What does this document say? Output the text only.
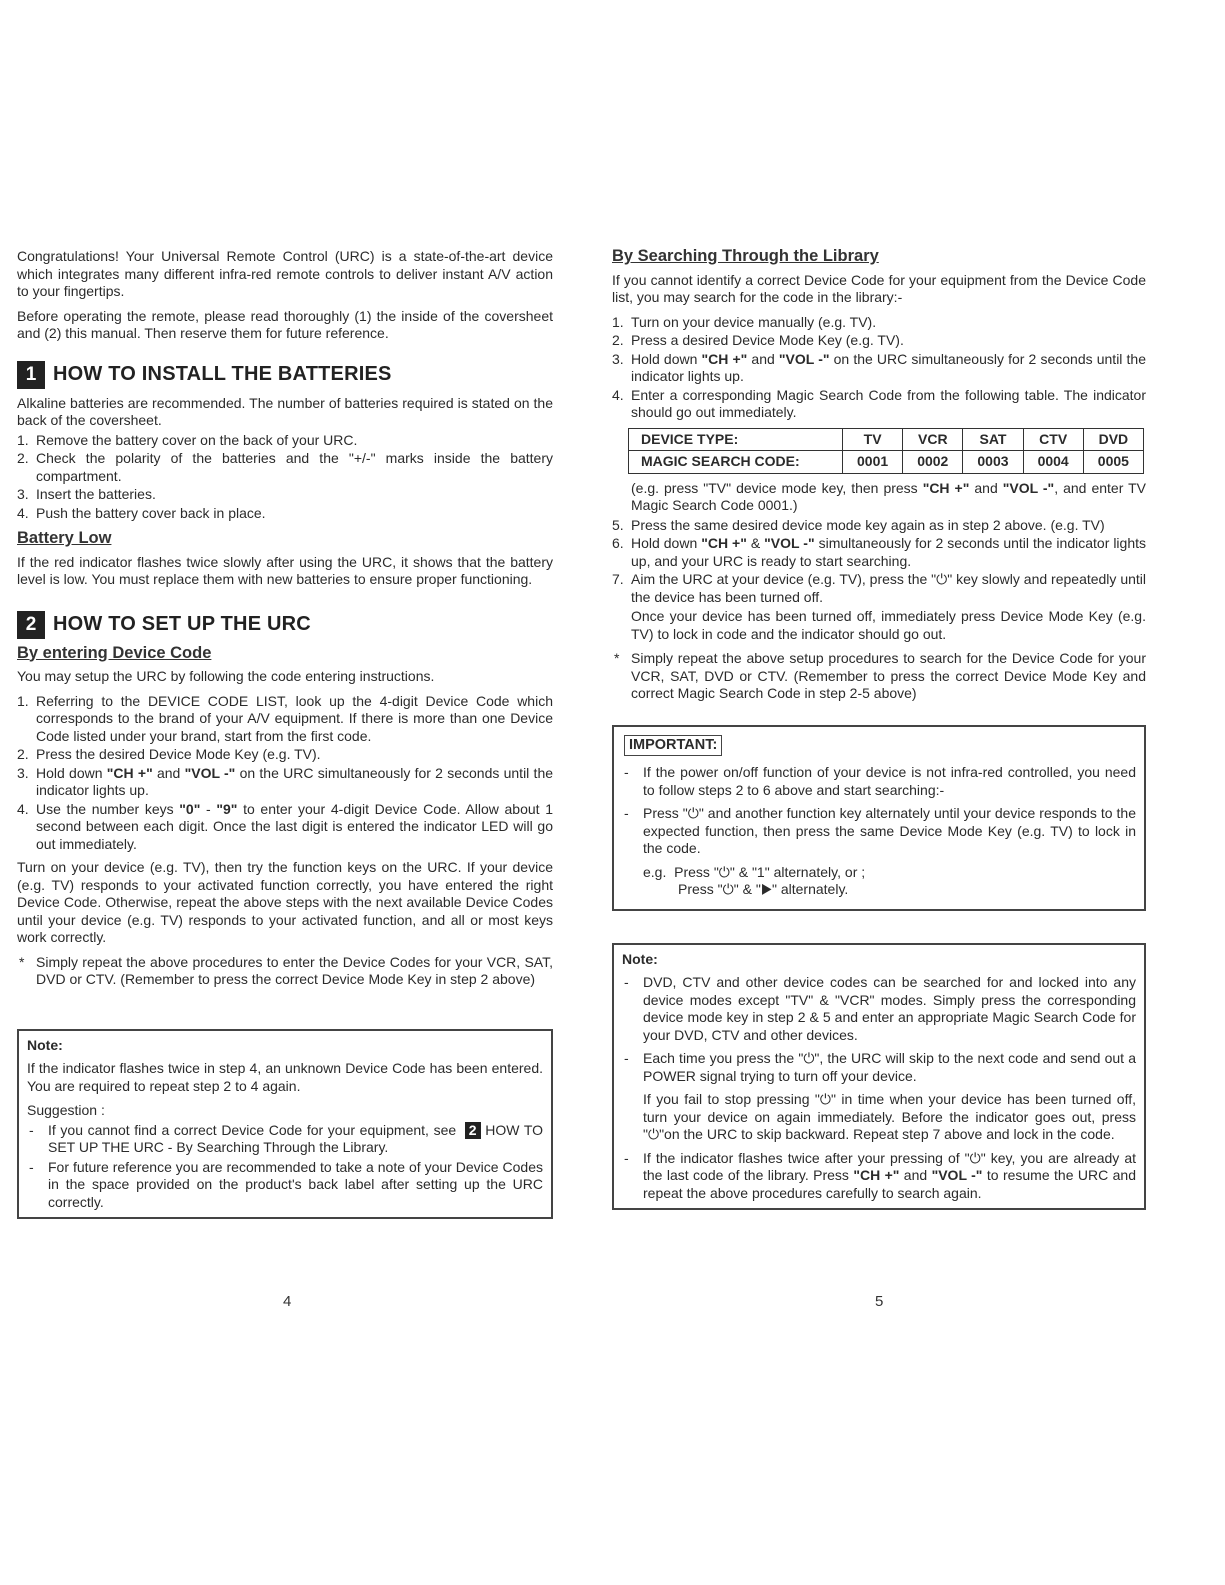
Congratulations! Your Universal Remote Control (URC) is a state-of-the-art device which integrates many different infra-red remote controls to deliver instant A/V action to your fingertips.

Before operating the remote, please read thoroughly (1) the inside of the coversheet and (2) this manual. Then reserve them for future reference.

1 HOW TO INSTALL THE BATTERIES

Alkaline batteries are recommended. The number of batteries required is stated on the back of the coversheet.

1. Remove the battery cover on the back of your URC.
2. Check the polarity of the batteries and the "+/-" marks inside the battery compartment.
3. Insert the batteries.
4. Push the battery cover back in place.
Battery Low

If the red indicator flashes twice slowly after using the URC, it shows that the battery level is low. You must replace them with new batteries to ensure proper functioning.

2 HOW TO SET UP THE URC
By entering Device Code

You may setup the URC by following the code entering instructions.

1. Referring to the DEVICE CODE LIST, look up the 4-digit Device Code which corresponds to the brand of your A/V equipment. If there is more than one Device Code listed under your brand, start from the first code.
2. Press the desired Device Mode Key (e.g. TV).
3. Hold down "CH +" and "VOL -" on the URC simultaneously for 2 seconds until the indicator lights up.
4. Use the number keys "0" - "9" to enter your 4-digit Device Code. Allow about 1 second between each digit. Once the last digit is entered the indicator LED will go out immediately.

Turn on your device (e.g. TV), then try the function keys on the URC. If your device (e.g. TV) responds to your activated function correctly, you have entered the right Device Code. Otherwise, repeat the above steps with the next available Device Codes until your device (e.g. TV) responds to your activated function, and all or most keys work correctly.

* Simply repeat the above procedures to enter the Device Codes for your VCR, SAT, DVD or CTV. (Remember to press the correct Device Mode Key in step 2 above)
Note:

If the indicator flashes twice in step 4, an unknown Device Code has been entered. You are required to repeat step 2 to 4 again.

Suggestion :
- If you cannot find a correct Device Code for your equipment, see 2 HOW TO SET UP THE URC - By Searching Through the Library.
- For future reference you are recommended to take a note of your Device Codes in the space provided on the product's back label after setting up the URC correctly.
4
By Searching Through the Library

If you cannot identify a correct Device Code for your equipment from the Device Code list, you may search for the code in the library:-

1. Turn on your device manually (e.g. TV).
2. Press a desired Device Mode Key (e.g. TV).
3. Hold down "CH +" and "VOL -" on the URC simultaneously for 2 seconds until the indicator lights up.
4. Enter a corresponding Magic Search Code from the following table. The indicator should go out immediately.
DEVICE TYPE:	TV	VCR	SAT	CTV	DVD
MAGIC SEARCH CODE:	0001	0002	0003	0004	0005

(e.g. press "TV" device mode key, then press "CH +" and "VOL -", and enter TV Magic Search Code 0001.)

5. Press the same desired device mode key again as in step 2 above. (e.g. TV)
6. Hold down "CH +" & "VOL -" simultaneously for 2 seconds until the indicator lights up, and your URC is ready to start searching.
7. Aim the URC at your device (e.g. TV), press the "⏻" key slowly and repeatedly until the device has been turned off.

Once your device has been turned off, immediately press Device Mode Key (e.g. TV) to lock in code and the indicator should go out.

* Simply repeat the above setup procedures to search for the Device Code for your VCR, SAT, DVD or CTV. (Remember to press the correct Device Mode Key and correct Magic Search Code in step 2-5 above)
IMPORTANT:
- If the power on/off function of your device is not infra-red controlled, you need to follow steps 2 to 6 above and start searching:-
- Press "⏻" and another function key alternately until your device responds to the expected function, then press the same Device Mode Key (e.g. TV) to lock in the code.
e.g. Press "⏻" & "1" alternately, or ;
Press "⏻" & "▶" alternately.
Note:
- DVD, CTV and other device codes can be searched for and locked into any device modes except "TV" & "VCR" modes. Simply press the corresponding device mode key in step 2 & 5 and enter an appropriate Magic Search Code for your DVD, CTV and other devices.
- Each time you press the "⏻", the URC will skip to the next code and send out a POWER signal trying to turn off your device.
If you fail to stop pressing "⏻" in time when your device has been turned off, turn your device on again immediately. Before the indicator goes out, press "⏻"on the URC to skip backward. Repeat step 7 above and lock in the code.
- If the indicator flashes twice after your pressing of "⏻" key, you are already at the last code of the library. Press "CH +" and "VOL -" to resume the URC and repeat the above procedures carefully to search again.
5
